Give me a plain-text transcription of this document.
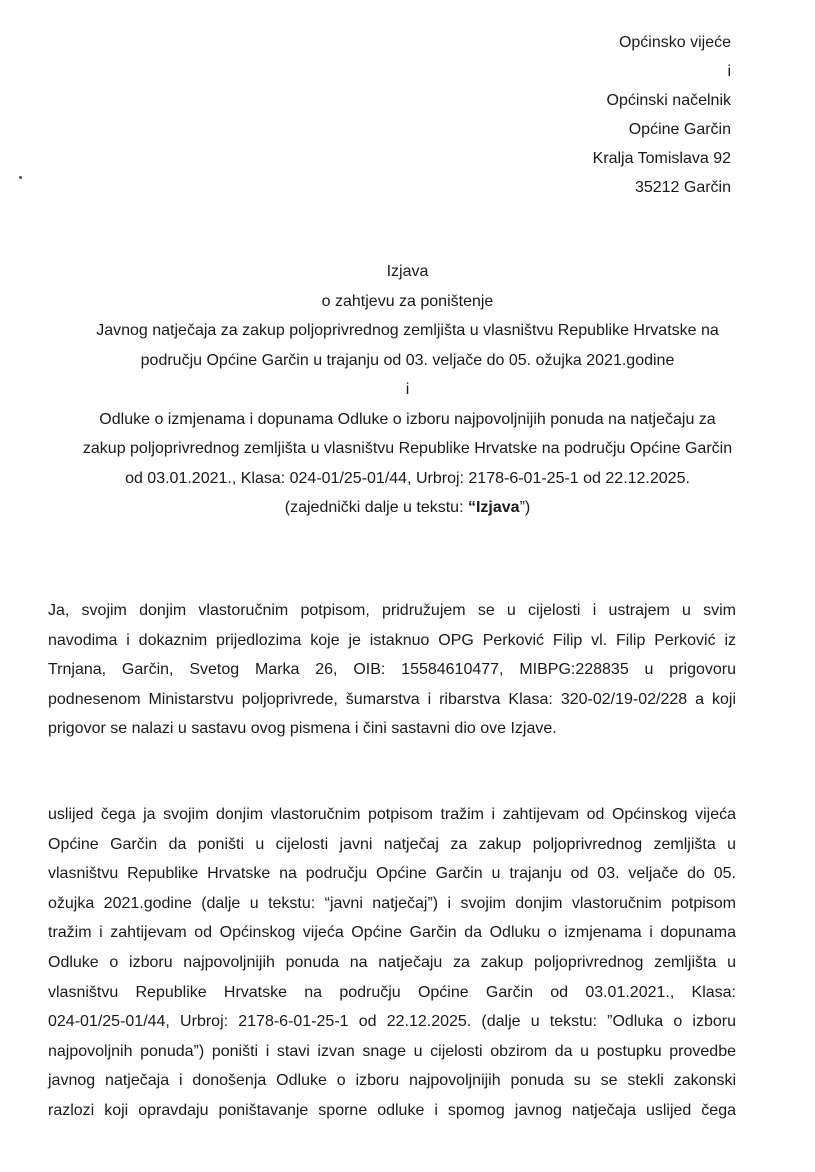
Općinsko vijeće
i
Općinski načelnik
Općine Garčin
Kralja Tomislava 92
35212 Garčin
Izjava
o zahtjevu za poništenje
Javnog natječaja za zakup poljoprivrednog zemljišta u vlasništvu Republike Hrvatske na
području Općine Garčin u trajanju od 03. veljače do 05. ožujka 2021.godine
i
Odluke o izmjenama i dopunama Odluke o izboru najpovoljnijih ponuda na natječaju za
zakup poljoprivrednog zemljišta u vlasništvu Republike Hrvatske na području Općine Garčin
od 03.01.2021., Klasa: 024-01/25-01/44, Urbroj: 2178-6-01-25-1 od 22.12.2025.
(zajednički dalje u tekstu: “Izjava”)
Ja, svojim donjim vlastoručnim potpisom, pridružujem se u cijelosti i ustrajem u svim
navodima i dokaznim prijedlozima koje je istaknuo OPG Perković Filip vl. Filip Perković iz
Trnjana, Garčin, Svetog Marka 26, OIB: 15584610477, MIBPG:228835 u prigovoru
podnesenom Ministarstvu poljoprivrede, šumarstva i ribarstva Klasa: 320-02/19-02/228 a koji
prigovor se nalazi u sastavu ovog pismena i čini sastavni dio ove Izjave.
uslijed čega ja svojim donjim vlastoručnim potpisom tražim i zahtijevam od Općinskog vijeća
Općine Garčin da poništi u cijelosti javni natječaj za zakup poljoprivrednog zemljišta u
vlasništvu Republike Hrvatske na području Općine Garčin u trajanju od 03. veljače do 05.
ožujka 2021.godine (dalje u tekstu: “javni natječaj”) i svojim donjim vlastoručnim potpisom
tražim i zahtijevam od Općinskog vijeća Općine Garčin da Odluku o izmjenama i dopunama
Odluke o izboru najpovoljnijih ponuda na natječaju za zakup poljoprivrednog zemljišta u
vlasništvu Republike Hrvatske na području Općine Garčin od 03.01.2021., Klasa:
024-01/25-01/44, Urbroj: 2178-6-01-25-1 od 22.12.2025. (dalje u tekstu: ”Odluka o izboru
najpovoljnih ponuda”) poništi i stavi izvan snage u cijelosti obzirom da u postupku provedbe
javnog natječaja i donošenja Odluke o izboru najpovoljnijih ponuda su se stekli zakonski
razlozi koji opravdaju poništavanje sporne odluke i spomog javnog natječaja uslijed čega
